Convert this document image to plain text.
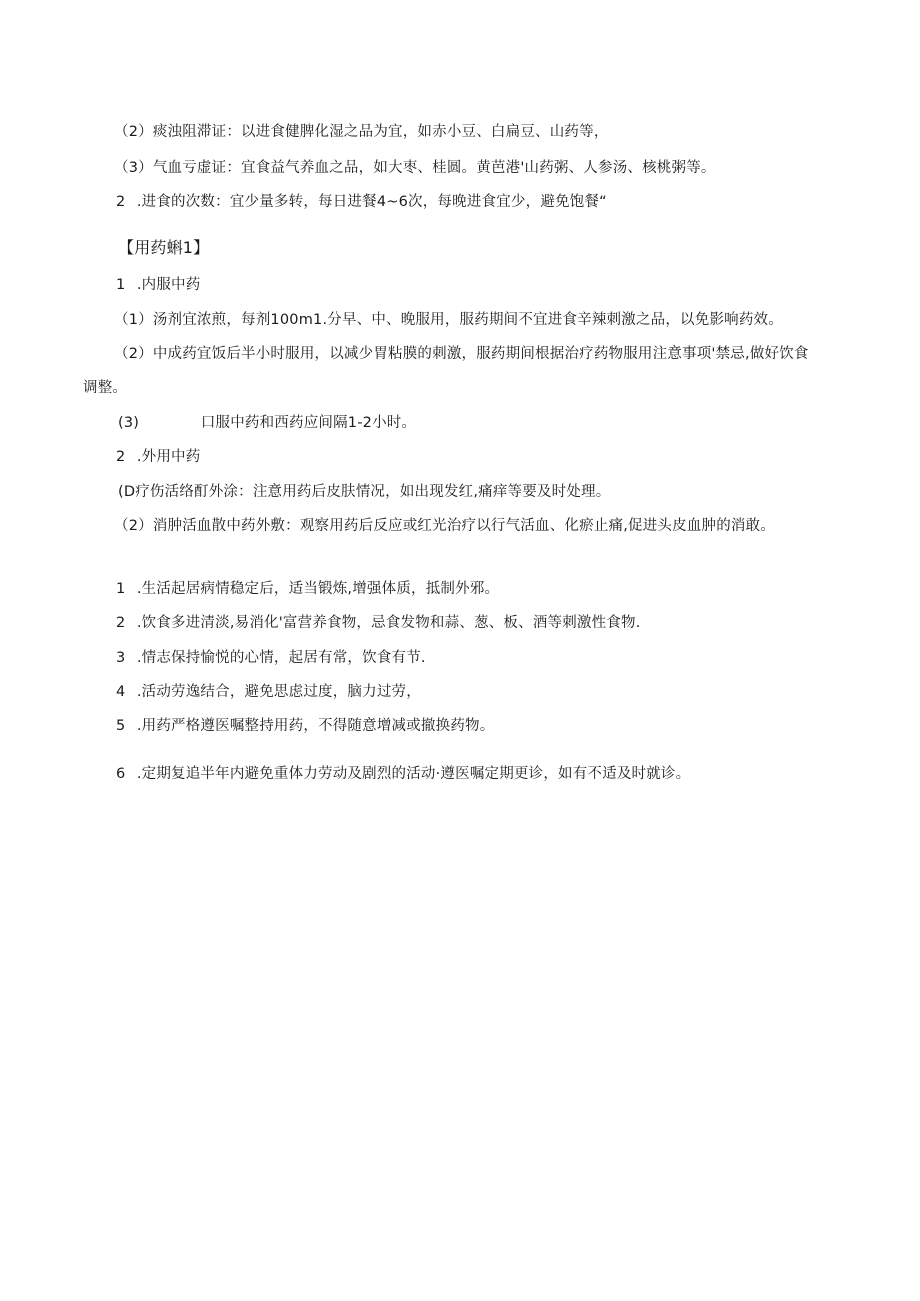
（2）痰浊阻滞证：以进食健脾化湿之品为宜，如赤小豆、白扁豆、山药等，
（3）气血亏虚证：宜食益气养血之品，如大枣、桂圆。黄芭港'山药粥、人参汤、核桃粥等。
2 .进食的次数：宜少量多转，每日进餐4~6次，每晚进食宜少，避免饱餐“
【用药蝌1】
1 .内服中药
（1）汤剂宜浓煎，每剂100m1.分早、中、晚服用，服药期间不宜进食辛辣刺激之品，以免影响药效。
（2）中成药宜饭后半小时服用，以减少胃粘膜的刺激，服药期间根据治疗药物服用注意事项'禁忌,做好饮食
调整。
(3)	口服中药和西药应间隔1-2小时。
2 .外用中药
(D疗伤活络酊外涂：注意用药后皮肤情况，如出现发红,痛痒等要及时处理。
（2）消肿活血散中药外敷：观察用药后反应或红光治疗以行气活血、化瘀止痛,促进头皮血肿的消敢。
1 .生活起居病情稳定后，适当锻炼,增强体质，抵制外邪。
2 .饮食多进清淡,易消化'富营养食物，忌食发物和蒜、葱、板、酒等刺激性食物.
3 .情志保持愉悦的心情，起居有常，饮食有节.
4 .活动劳逸结合，避免思虑过度，脑力过劳，
5 .用药严格遵医嘱整持用药，不得随意增减或撤换药物。
6 .定期复追半年内避免重体力劳动及剧烈的活动·遵医嘱定期更诊，如有不适及时就诊。
